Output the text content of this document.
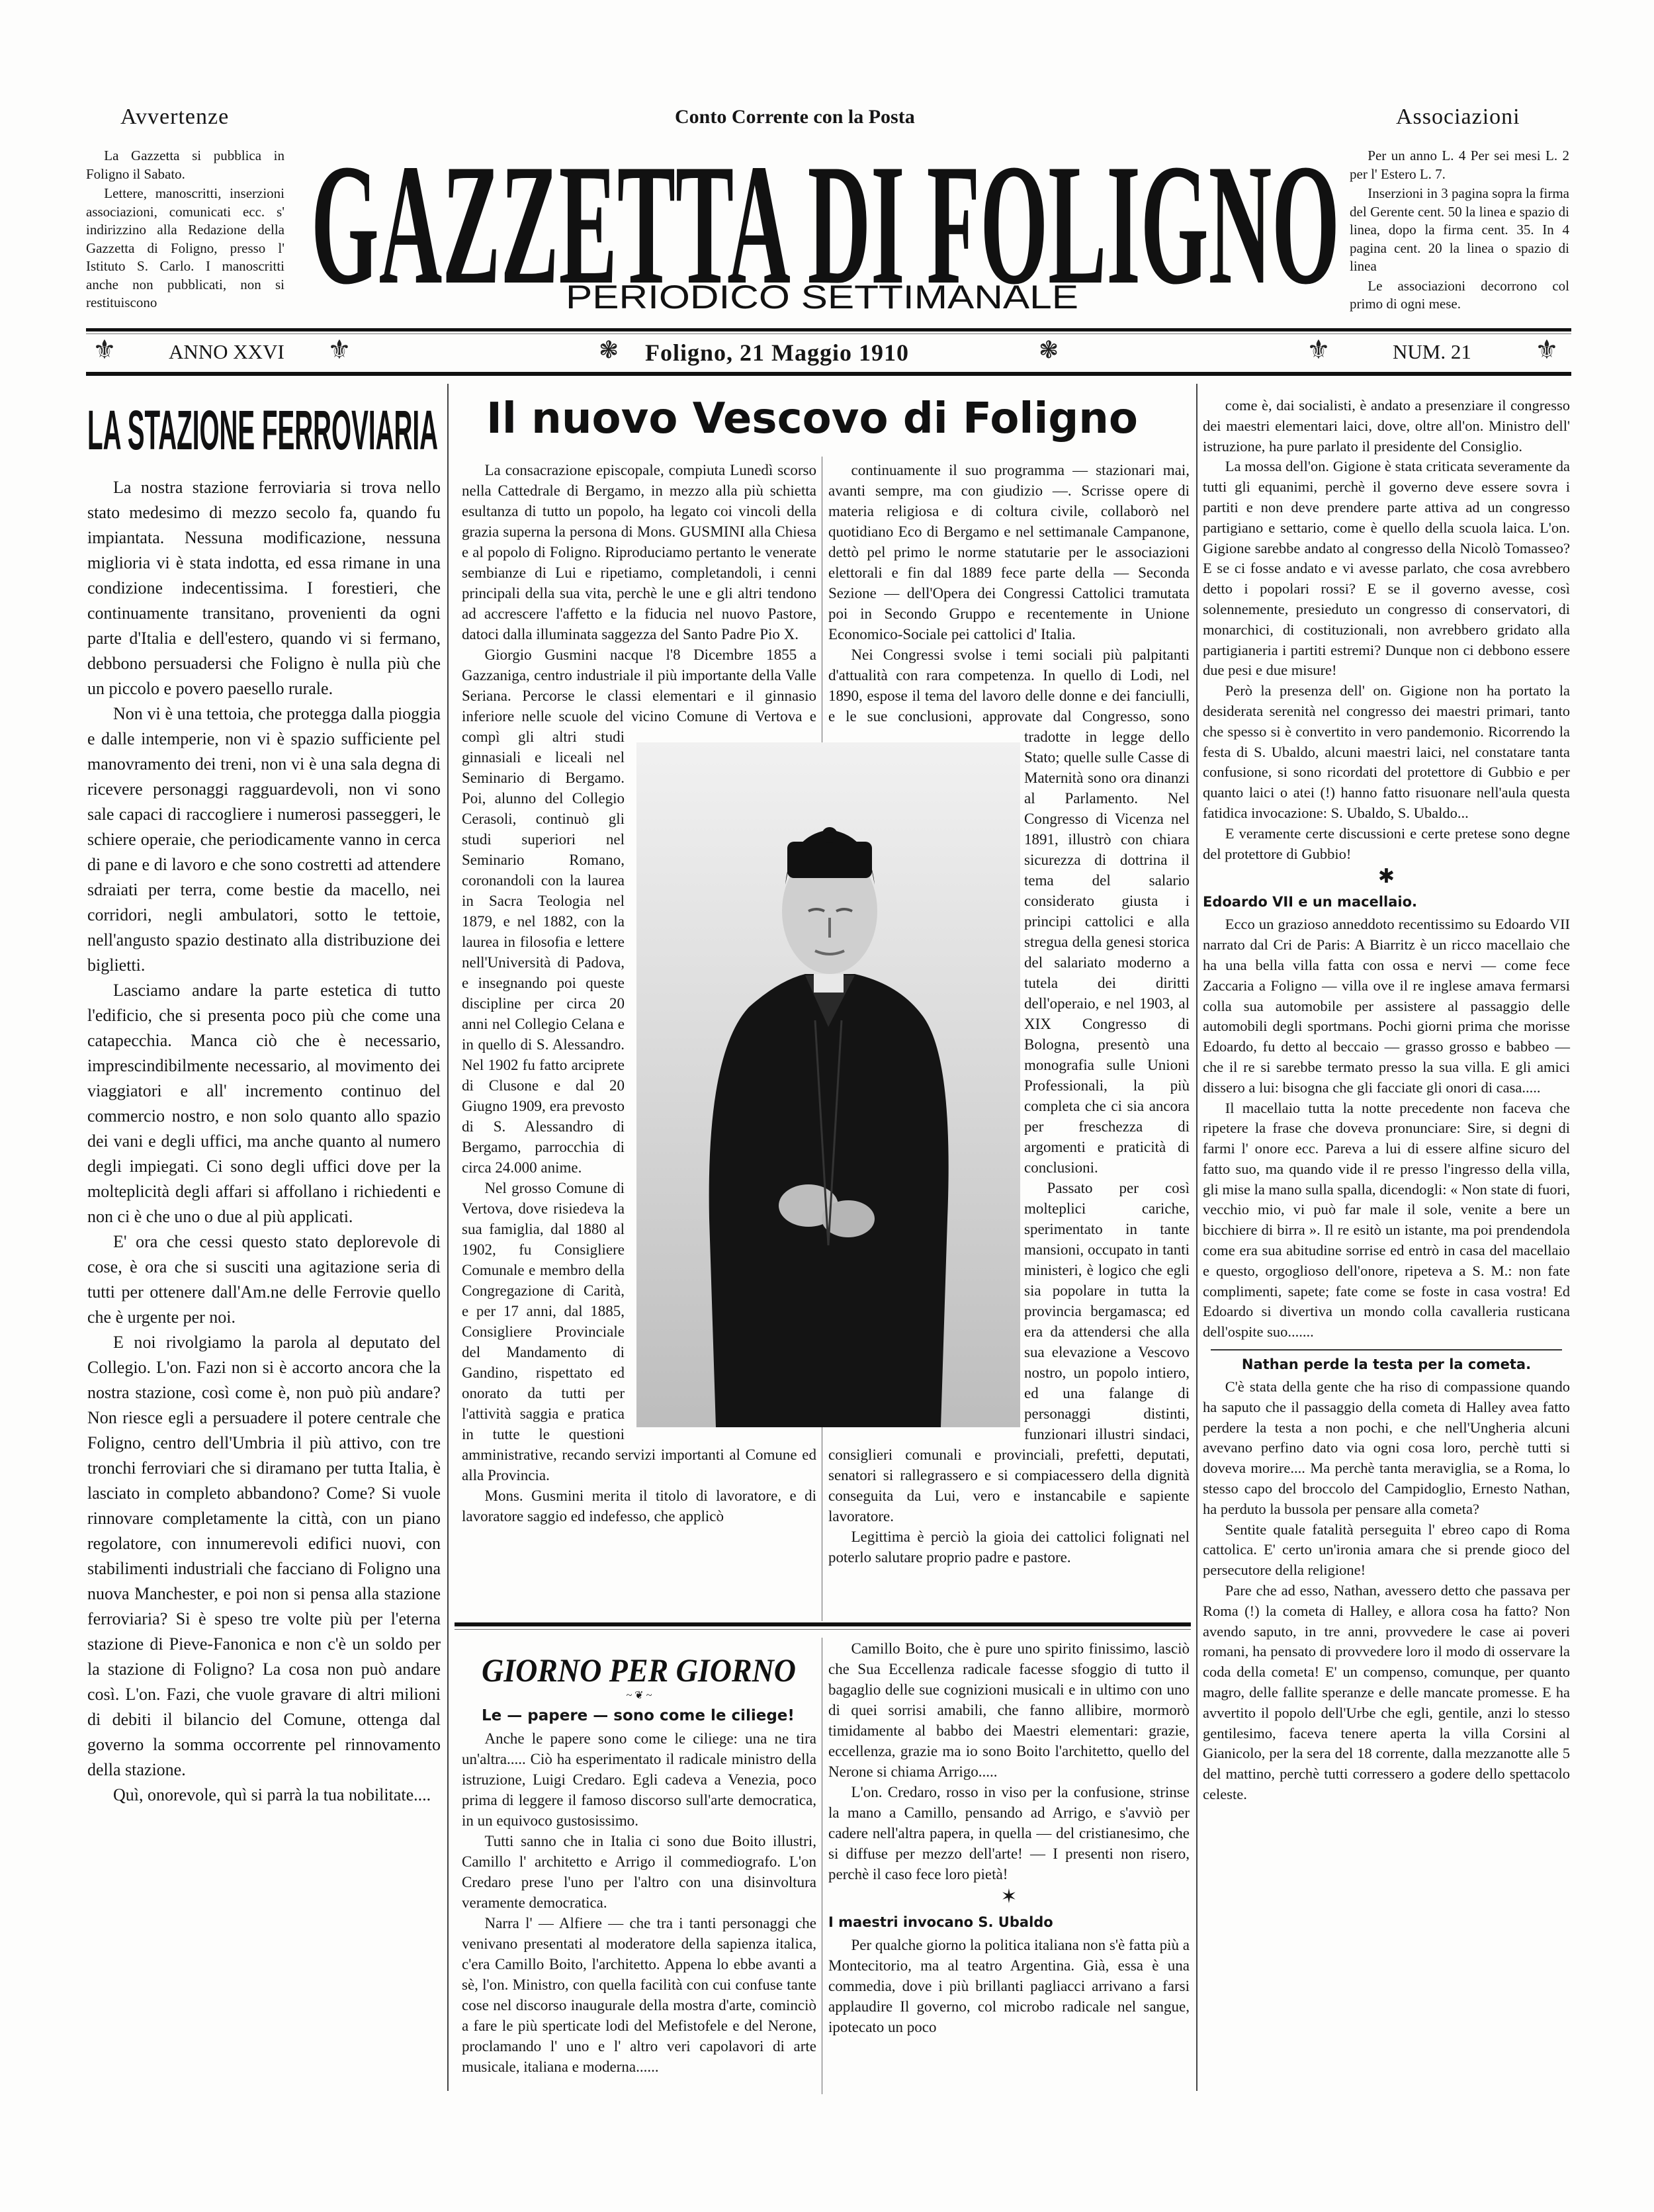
Avvertenze	Conto Corrente con la Posta	Associazioni

La Gazzetta si pubblica in Foligno il Sabato.

Lettere, manoscritti, inserzioni associazioni, comunicati ecc. s' indirizzino alla Redazione della Gazzetta di Foligno, presso l' Istituto S. Carlo. I manoscritti anche non pubblicati, non si restituiscono

Per un anno L. 4 Per sei mesi L. 2 per l' Estero L. 7.

Inserzioni in 3 pagina sopra la firma del Gerente cent. 50 la linea e spazio di linea, dopo la firma cent. 35. In 4 pagina cent. 20 la linea o spazio di linea

Le associazioni decorrono col primo di ogni mese.

GAZZETTA DI FOLIGNO
PERIODICO SETTIMANALE
⚜	ANNO XXVI ⚜	❃ Foligno, 21 Maggio 1910	❃	⚜	NUM. 21 ⚜
LA STAZIONE FERROVIARIA

La nostra stazione ferroviaria si trova nello stato medesimo di mezzo secolo fa, quando fu impiantata. Nessuna modificazione, nessuna miglioria vi è stata indotta, ed essa rimane in una condizione indecentissima. I forestieri, che continuamente transitano, provenienti da ogni parte d'Italia e dell'estero, quando vi si fermano, debbono persuadersi che Foligno è nulla più che un piccolo e povero paesello rurale.

Non vi è una tettoia, che protegga dalla pioggia e dalle intemperie, non vi è spazio sufficiente pel manovramento dei treni, non vi è una sala degna di ricevere personaggi ragguardevoli, non vi sono sale capaci di raccogliere i numerosi passeggeri, le schiere operaie, che periodicamente vanno in cerca di pane e di lavoro e che sono costretti ad attendere sdraiati per terra, come bestie da macello, nei corridori, negli ambulatori, sotto le tettoie, nell'angusto spazio destinato alla distribuzione dei biglietti.

Lasciamo andare la parte estetica di tutto l'edificio, che si presenta poco più che come una catapecchia. Manca ciò che è necessario, imprescindibilmente necessario, al movimento dei viaggiatori e all' incremento continuo del commercio nostro, e non solo quanto allo spazio dei vani e degli uffici, ma anche quanto al numero degli impiegati. Ci sono degli uffici dove per la molteplicità degli affari si affollano i richiedenti e non ci è che uno o due al più applicati.

E' ora che cessi questo stato deplorevole di cose, è ora che si susciti una agitazione seria di tutti per ottenere dall'Am.ne delle Ferrovie quello che è urgente per noi.

E noi rivolgiamo la parola al deputato del Collegio. L'on. Fazi non si è accorto ancora che la nostra stazione, così come è, non può più andare? Non riesce egli a persuadere il potere centrale che Foligno, centro dell'Umbria il più attivo, con tre tronchi ferroviari che si diramano per tutta Italia, è lasciato in completo abbandono? Come? Si vuole rinnovare completamente la città, con un piano regolatore, con innumerevoli edifici nuovi, con stabilimenti industriali che facciano di Foligno una nuova Manchester, e poi non si pensa alla stazione ferroviaria? Si è speso tre volte più per l'eterna stazione di Pieve-Fanonica e non c'è un soldo per la stazione di Foligno? La cosa non può andare così. L'on. Fazi, che vuole gravare di altri milioni di debiti il bilancio del Comune, ottenga dal governo la somma occorrente pel rinnovamento della stazione.

Quì, onorevole, quì si parrà la tua nobilitate....

Il nuovo Vescovo di Foligno

La consacrazione episcopale, compiuta Lunedì scorso nella Cattedrale di Bergamo, in mezzo alla più schietta esultanza di tutto un popolo, ha legato coi vincoli della grazia superna la persona di Mons. GUSMINI alla Chiesa e al popolo di Foligno. Riproduciamo pertanto le venerate sembianze di Lui e ripetiamo, completandoli, i cenni principali della sua vita, perchè le une e gli altri tendono ad accrescere l'affetto e la fiducia nel nuovo Pastore, datoci dalla illuminata saggezza del Santo Padre Pio X.

Giorgio Gusmini nacque l'8 Dicembre 1855 a Gazzaniga, centro industriale il più importante della Valle Seriana. Percorse le classi elementari e il ginnasio inferiore nelle scuole del vicino Comune di Vertova e compì gli altri studi ginnasiali e liceali nel Seminario di Bergamo. Poi, alunno del Collegio Cerasoli, continuò gli studi superiori nel Seminario Romano, coronandoli con la laurea in Sacra Teologia nel 1879, e nel 1882, con la laurea in filosofia e lettere nell'Università di Padova, e insegnando poi queste discipline per circa 20 anni nel Collegio Celana e in quello di S. Alessandro. Nel 1902 fu fatto arciprete di Clusone e dal 20 Giugno 1909, era prevosto di S. Alessandro di Bergamo, parrocchia di circa 24.000 anime.

Nel grosso Comune di Vertova, dove risiedeva la sua famiglia, dal 1880 al 1902, fu Consigliere Comunale e membro della Congregazione di Carità, e per 17 anni, dal 1885, Consigliere Provinciale del Mandamento di Gandino, rispettato ed onorato da tutti per l'attività saggia e pratica in tutte le questioni amministrative, recando servizi importanti al Comune ed alla Provincia.

Mons. Gusmini merita il titolo di lavoratore, e di lavoratore saggio ed indefesso, che applicò

continuamente il suo programma — stazionari mai, avanti sempre, ma con giudizio —. Scrisse opere di materia religiosa e di coltura civile, collaborò nel quotidiano Eco di Bergamo e nel settimanale Campanone, dettò pel primo le norme statutarie per le associazioni elettorali e fin dal 1889 fece parte della — Seconda Sezione — dell'Opera dei Congressi Cattolici tramutata poi in Secondo Gruppo e recentemente in Unione Economico-Sociale pei cattolici d' Italia.

Nei Congressi svolse i temi sociali più palpitanti d'attualità con rara competenza. In quello di Lodi, nel 1890, espose il tema del lavoro delle donne e dei fanciulli, e le sue conclusioni, approvate dal Congresso, sono tradotte in legge dello Stato; quelle sulle Casse di Maternità sono ora dinanzi al Parlamento. Nel Congresso di Vicenza nel 1891, illustrò con chiara sicurezza di dottrina il tema del salario considerato giusta i principi cattolici e alla stregua della genesi storica del salariato moderno a tutela dei diritti dell'operaio, e nel 1903, al XIX Congresso di Bologna, presentò una monografia sulle Unioni Professionali, la più completa che ci sia ancora per freschezza di argomenti e praticità di conclusioni.

Passato per così molteplici cariche, sperimentato in tante mansioni, occupato in tanti ministeri, è logico che egli sia popolare in tutta la provincia bergamasca; ed era da attendersi che alla sua elevazione a Vescovo nostro, un popolo intiero, ed una falange di personaggi distinti, funzionari illustri sindaci, consiglieri comunali e provinciali, prefetti, deputati, senatori si rallegrassero e si compiacessero della dignità conseguita da Lui, vero e instancabile e sapiente lavoratore.

Legittima è perciò la gioia dei cattolici folignati nel poterlo salutare proprio padre e pastore.

GIORNO PER GIORNO
~ ❦ ~
Le — papere — sono come le ciliege!

Anche le papere sono come le ciliege: una ne tira un'altra..... Ciò ha esperimentato il radicale ministro della istruzione, Luigi Credaro. Egli cadeva a Venezia, poco prima di leggere il famoso discorso sull'arte democratica, in un equivoco gustosissimo.

Tutti sanno che in Italia ci sono due Boito illustri, Camillo l' architetto e Arrigo il commediografo. L'on Credaro prese l'uno per l'altro con una disinvoltura veramente democratica.

Narra l' — Alfiere — che tra i tanti personaggi che venivano presentati al moderatore della sapienza italica, c'era Camillo Boito, l'architetto. Appena lo ebbe avanti a sè, l'on. Ministro, con quella facilità con cui confuse tante cose nel discorso inaugurale della mostra d'arte, cominciò a fare le più sperticate lodi del Mefistofele e del Nerone, proclamando l' uno e l' altro veri capolavori di arte musicale, italiana e moderna......

Camillo Boito, che è pure uno spirito finissimo, lasciò che Sua Eccellenza radicale facesse sfoggio di tutto il bagaglio delle sue cognizioni musicali e in ultimo con uno di quei sorrisi amabili, che fanno allibire, mormorò timidamente al babbo dei Maestri elementari: grazie, eccellenza, grazie ma io sono Boito l'architetto, quello del Nerone si chiama Arrigo.....

L'on. Credaro, rosso in viso per la confusione, strinse la mano a Camillo, pensando ad Arrigo, e s'avviò per cadere nell'altra papera, in quella — del cristianesimo, che si diffuse per mezzo dell'arte! — I presenti non risero, perchè il caso fece loro pietà!

✶
I maestri invocano S. Ubaldo

Per qualche giorno la politica italiana non s'è fatta più a Montecitorio, ma al teatro Argentina. Già, essa è una commedia, dove i più brillanti pagliacci arrivano a farsi applaudire Il governo, col microbo radicale nel sangue, ipotecato un poco

come è, dai socialisti, è andato a presenziare il congresso dei maestri elementari laici, dove, oltre all'on. Ministro dell' istruzione, ha pure parlato il presidente del Consiglio.

La mossa dell'on. Gigione è stata criticata severamente da tutti gli equanimi, perchè il governo deve essere sovra i partiti e non deve prendere parte attiva ad un congresso partigiano e settario, come è quello della scuola laica. L'on. Gigione sarebbe andato al congresso della Nicolò Tomasseo? E se ci fosse andato e vi avesse parlato, che cosa avrebbero detto i popolari rossi? E se il governo avesse, così solennemente, presieduto un congresso di conservatori, di monarchici, di costituzionali, non avrebbero gridato alla partigianeria i partiti estremi? Dunque non ci debbono essere due pesi e due misure!

Però la presenza dell' on. Gigione non ha portato la desiderata serenità nel congresso dei maestri primari, tanto che spesso si è convertito in vero pandemonio. Ricorrendo la festa di S. Ubaldo, alcuni maestri laici, nel constatare tanta confusione, si sono ricordati del protettore di Gubbio e per quanto laici o atei (!) hanno fatto risuonare nell'aula questa fatidica invocazione: S. Ubaldo, S. Ubaldo...

E veramente certe discussioni e certe pretese sono degne del protettore di Gubbio!

✱
Edoardo VII e un macellaio.

Ecco un grazioso anneddoto recentissimo su Edoardo VII narrato dal Cri de Paris: A Biarritz è un ricco macellaio che ha una bella villa fatta con ossa e nervi — come fece Zaccaria a Foligno — villa ove il re inglese amava fermarsi colla sua automobile per assistere al passaggio delle automobili degli sportmans. Pochi giorni prima che morisse Edoardo, fu detto al beccaio — grasso grosso e babbeo — che il re si sarebbe termato presso la sua villa. E gli amici dissero a lui: bisogna che gli facciate gli onori di casa.....

Il macellaio tutta la notte precedente non faceva che ripetere la frase che doveva pronunciare: Sire, si degni di farmi l' onore ecc. Pareva a lui di essere alfine sicuro del fatto suo, ma quando vide il re presso l'ingresso della villa, gli mise la mano sulla spalla, dicendogli: « Non state di fuori, vecchio mio, vi può far male il sole, venite a bere un bicchiere di birra ». Il re esitò un istante, ma poi prendendola come era sua abitudine sorrise ed entrò in casa del macellaio e questo, orgoglioso dell'onore, ripeteva a S. M.: non fate complimenti, sapete; fate come se foste in casa vostra! Ed Edoardo si divertiva un mondo colla cavalleria rusticana dell'ospite suo.......

Nathan perde la testa per la cometa.

C'è stata della gente che ha riso di compassione quando ha saputo che il passaggio della cometa di Halley avea fatto perdere la testa a non pochi, e che nell'Ungheria alcuni avevano perfino dato via ogni cosa loro, perchè tutti si doveva morire.... Ma perchè tanta meraviglia, se a Roma, lo stesso capo del broccolo del Campidoglio, Ernesto Nathan, ha perduto la bussola per pensare alla cometa?

Sentite quale fatalità perseguita l' ebreo capo di Roma cattolica. E' certo un'ironia amara che si prende gioco del persecutore della religione!

Pare che ad esso, Nathan, avessero detto che passava per Roma (!) la cometa di Halley, e allora cosa ha fatto? Non avendo saputo, in tre anni, provvedere le case ai poveri romani, ha pensato di provvedere loro il modo di osservare la coda della cometa! E' un compenso, comunque, per quanto magro, delle fallite speranze e delle mancate promesse. E ha avvertito il popolo dell'Urbe che egli, gentile, anzi lo stesso gentilesimo, faceva tenere aperta la villa Corsini al Gianicolo, per la sera del 18 corrente, dalla mezzanotte alle 5 del mattino, perchè tutti corressero a godere dello spettacolo celeste.
